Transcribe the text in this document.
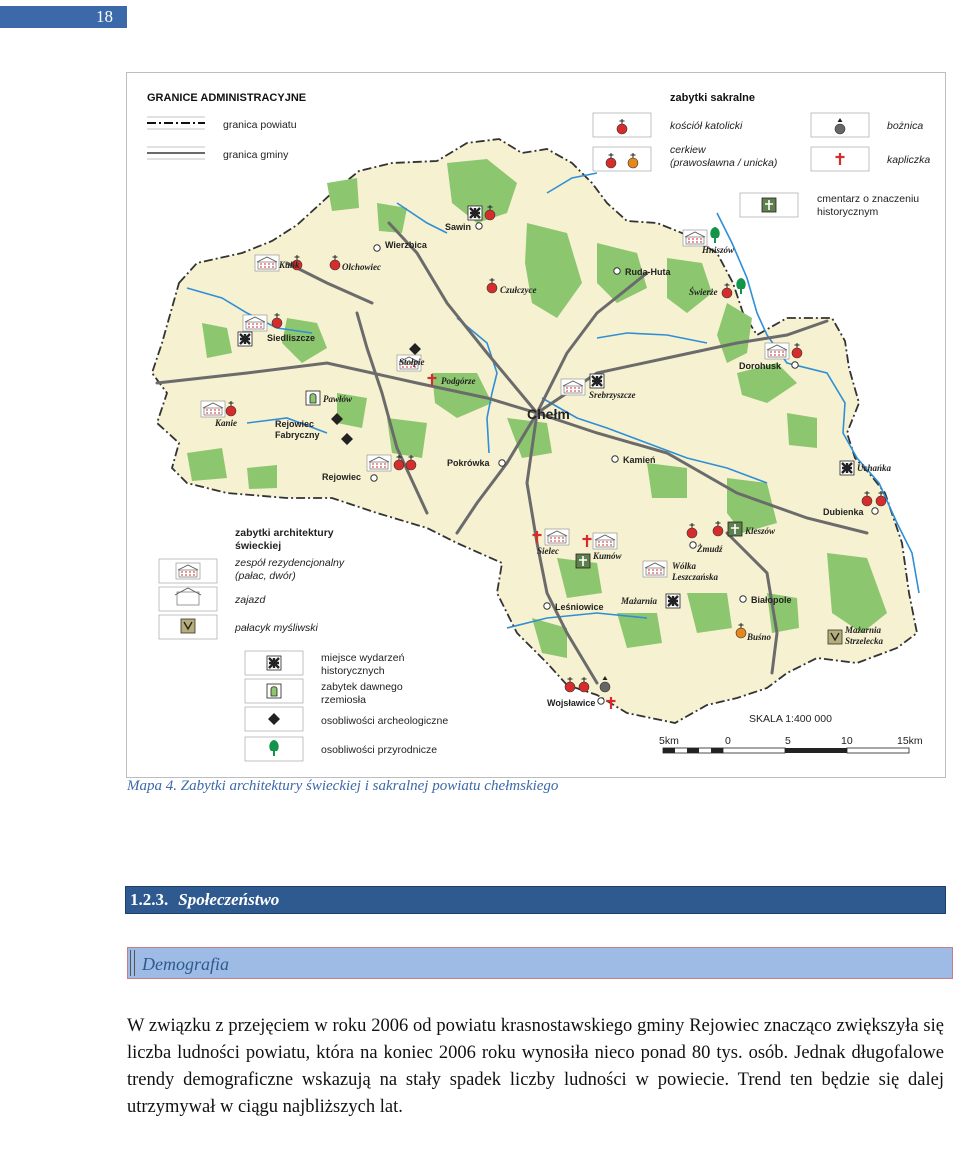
18
GRANICE ADMINISTRACYJNE
granica powiatu
granica gminy
zabytki sakralne
kościół katolicki
cerkiew
(prawosławna / unicka)
bożnica
kapliczka
cmentarz o znaczeniu
historycznym
zabytki architektury
świeckiej
zespół rezydencjonalny
(pałac, dwór)
zajazd
pałacyk myśliwski
miejsce wydarzeń
historycznych
zabytek dawnego
rzemiosła
osobliwości archeologiczne
osobliwości przyrodnicze
SKALA 1:400 000
5km	0	5	10	15km
Chełm
Wierzbica
Sawin
Kulik	Olchowiec
Czułczyce
Ruda-Huta
Hniszów
Świerże
Siedliszcze
Stołpie
Podgórze
Pawłów
Kanie	Rejowiec
Fabryczny
Rejowiec
Pokrówka
Srebrzyszcze
Dorohusk
Kamień
Uchańka
Dubienka
Kleszów
Żmudź
Wólka
Leszczańska
Sielec	Kumów
Leśniowice
Mażarnia	Białopole
Buśno
Mażarnia
Strzelecka
Wojsławice
Mapa 4. Zabytki architektury świeckiej i sakralnej powiatu chełmskiego
1.2.3. Społeczeństwo
Demografia

W związku z przejęciem w roku 2006 od powiatu krasnostawskiego gminy Rejowiec znacząco zwiększyła się liczba ludności powiatu, która na koniec 2006 roku wynosiła nieco ponad 80 tys. osób. Jednak długofalowe trendy demograficzne wskazują na stały spadek liczby ludności w powiecie. Trend ten będzie się dalej utrzymywał w ciągu najbliższych lat.
